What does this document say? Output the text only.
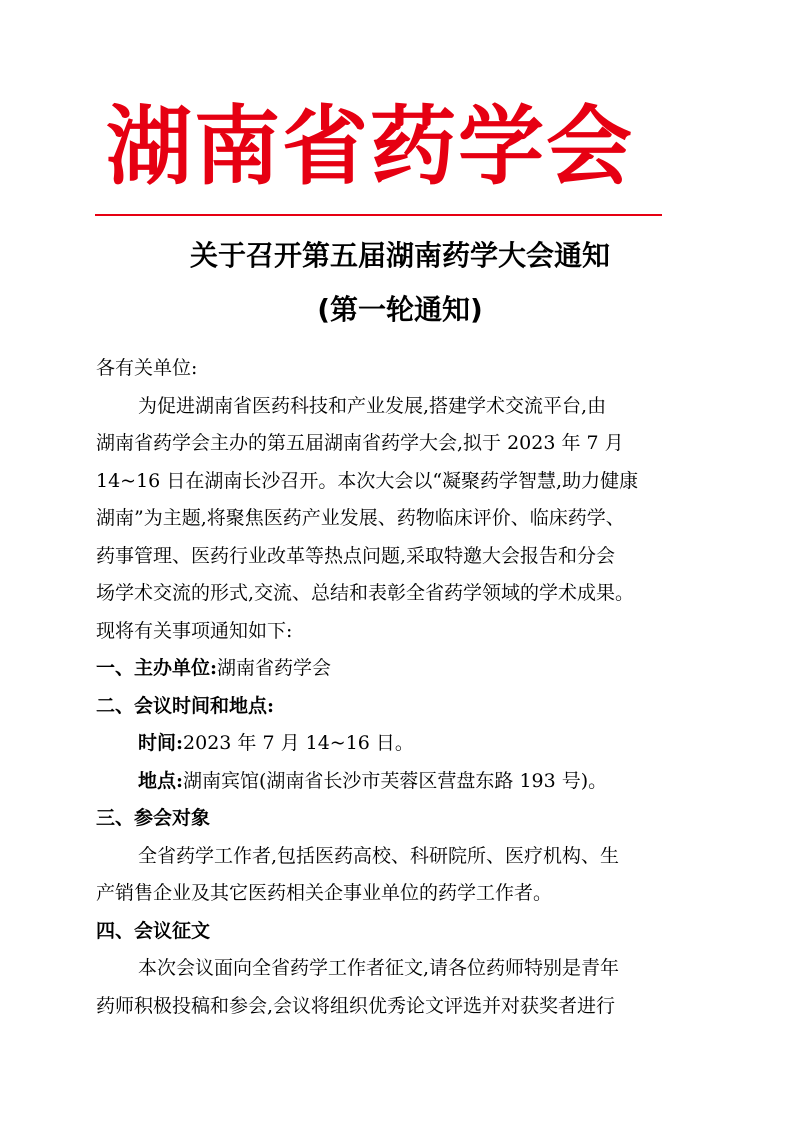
湖南省药学会
关于召开第五届湖南药学大会通知
(第一轮通知)
各有关单位:
为促进湖南省医药科技和产业发展,搭建学术交流平台,由
湖南省药学会主办的第五届湖南省药学大会,拟于 2023 年 7 月
14~16 日在湖南长沙召开。本次大会以“凝聚药学智慧,助力健康
湖南”为主题,将聚焦医药产业发展、药物临床评价、临床药学、
药事管理、医药行业改革等热点问题,采取特邀大会报告和分会
场学术交流的形式,交流、总结和表彰全省药学领域的学术成果。
现将有关事项通知如下:
一、主办单位:湖南省药学会
二、会议时间和地点:
时间:2023 年 7 月 14~16 日。
地点:湖南宾馆(湖南省长沙市芙蓉区营盘东路 193 号)。
三、参会对象
全省药学工作者,包括医药高校、科研院所、医疗机构、生
产销售企业及其它医药相关企事业单位的药学工作者。
四、会议征文
本次会议面向全省药学工作者征文,请各位药师特别是青年
药师积极投稿和参会,会议将组织优秀论文评选并对获奖者进行
